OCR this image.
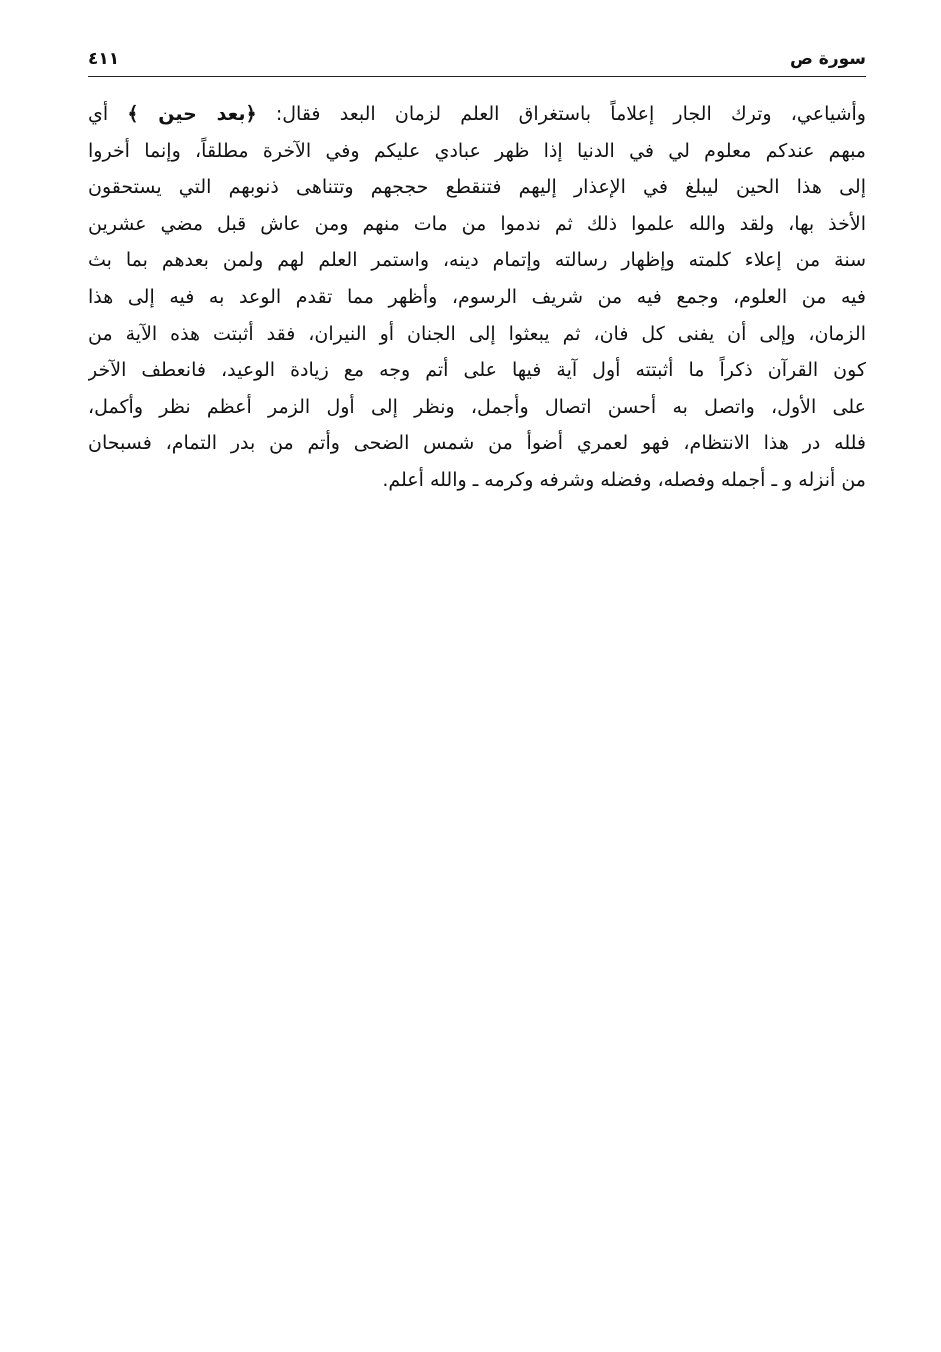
سورة ص
٤١١
وأشياعي، وترك الجار إعلاماً باستغراق العلم لزمان البعد فقال: ﴿بعد حين ﴾ أي
مبهم عندكم معلوم لي في الدنيا إذا ظهر عبادي عليكم وفي الآخرة مطلقاً، وإنما أخروا
إلى هذا الحين ليبلغ في الإعذار إليهم فتنقطع حججهم وتتناهى ذنوبهم التي يستحقون
الأخذ بها، ولقد والله علموا ذلك ثم ندموا من مات منهم ومن عاش قبل مضي عشرين
سنة من إعلاء كلمته وإظهار رسالته وإتمام دينه، واستمر العلم لهم ولمن بعدهم بما بث
فيه من العلوم، وجمع فيه من شريف الرسوم، وأظهر مما تقدم الوعد به فيه إلى هذا
الزمان، وإلى أن يفنى كل فان، ثم يبعثوا إلى الجنان أو النيران، فقد أثبتت هذه الآية من
كون القرآن ذكراً ما أثبتته أول آية فيها على أتم وجه مع زيادة الوعيد، فانعطف الآخر
على الأول، واتصل به أحسن اتصال وأجمل، ونظر إلى أول الزمر أعظم نظر وأكمل،
فلله در هذا الانتظام، فهو لعمري أضوأ من شمس الضحى وأتم من بدر التمام، فسبحان
من أنزله و ـ أجمله وفصله، وفضله وشرفه وكرمه ـ والله أعلم.
